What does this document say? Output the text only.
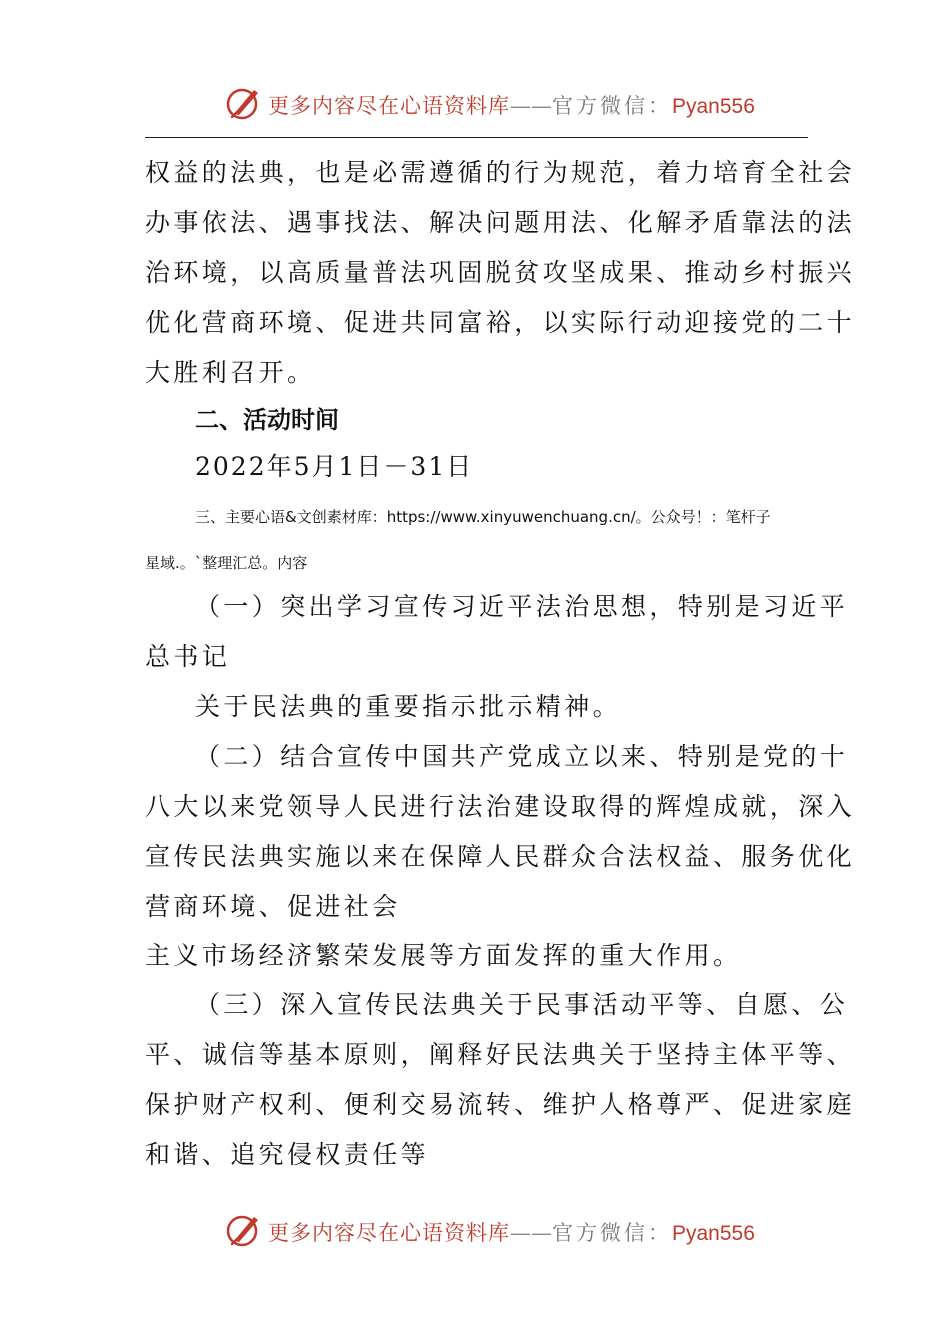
更多内容尽在心语资料库——官方微信：Pyan556
权益的法典，也是必需遵循的行为规范，着力培育全社会
办事依法、遇事找法、解决问题用法、化解矛盾靠法的法
治环境，以高质量普法巩固脱贫攻坚成果、推动乡村振兴
优化营商环境、促进共同富裕，以实际行动迎接党的二十
大胜利召开。
二、活动时间
2022年5月1日－31日
三、主要心语&文创素材库：https://www.xinyuwenchuang.cn/。公众号！：笔杆子
星域.。`整理汇总。内容
（一）突出学习宣传习近平法治思想，特别是习近平
总书记
关于民法典的重要指示批示精神。
（二）结合宣传中国共产党成立以来、特别是党的十
八大以来党领导人民进行法治建设取得的辉煌成就，深入
宣传民法典实施以来在保障人民群众合法权益、服务优化
营商环境、促进社会
主义市场经济繁荣发展等方面发挥的重大作用。
（三）深入宣传民法典关于民事活动平等、自愿、公
平、诚信等基本原则，阐释好民法典关于坚持主体平等、
保护财产权利、便利交易流转、维护人格尊严、促进家庭
和谐、追究侵权责任等
更多内容尽在心语资料库——官方微信：Pyan556
